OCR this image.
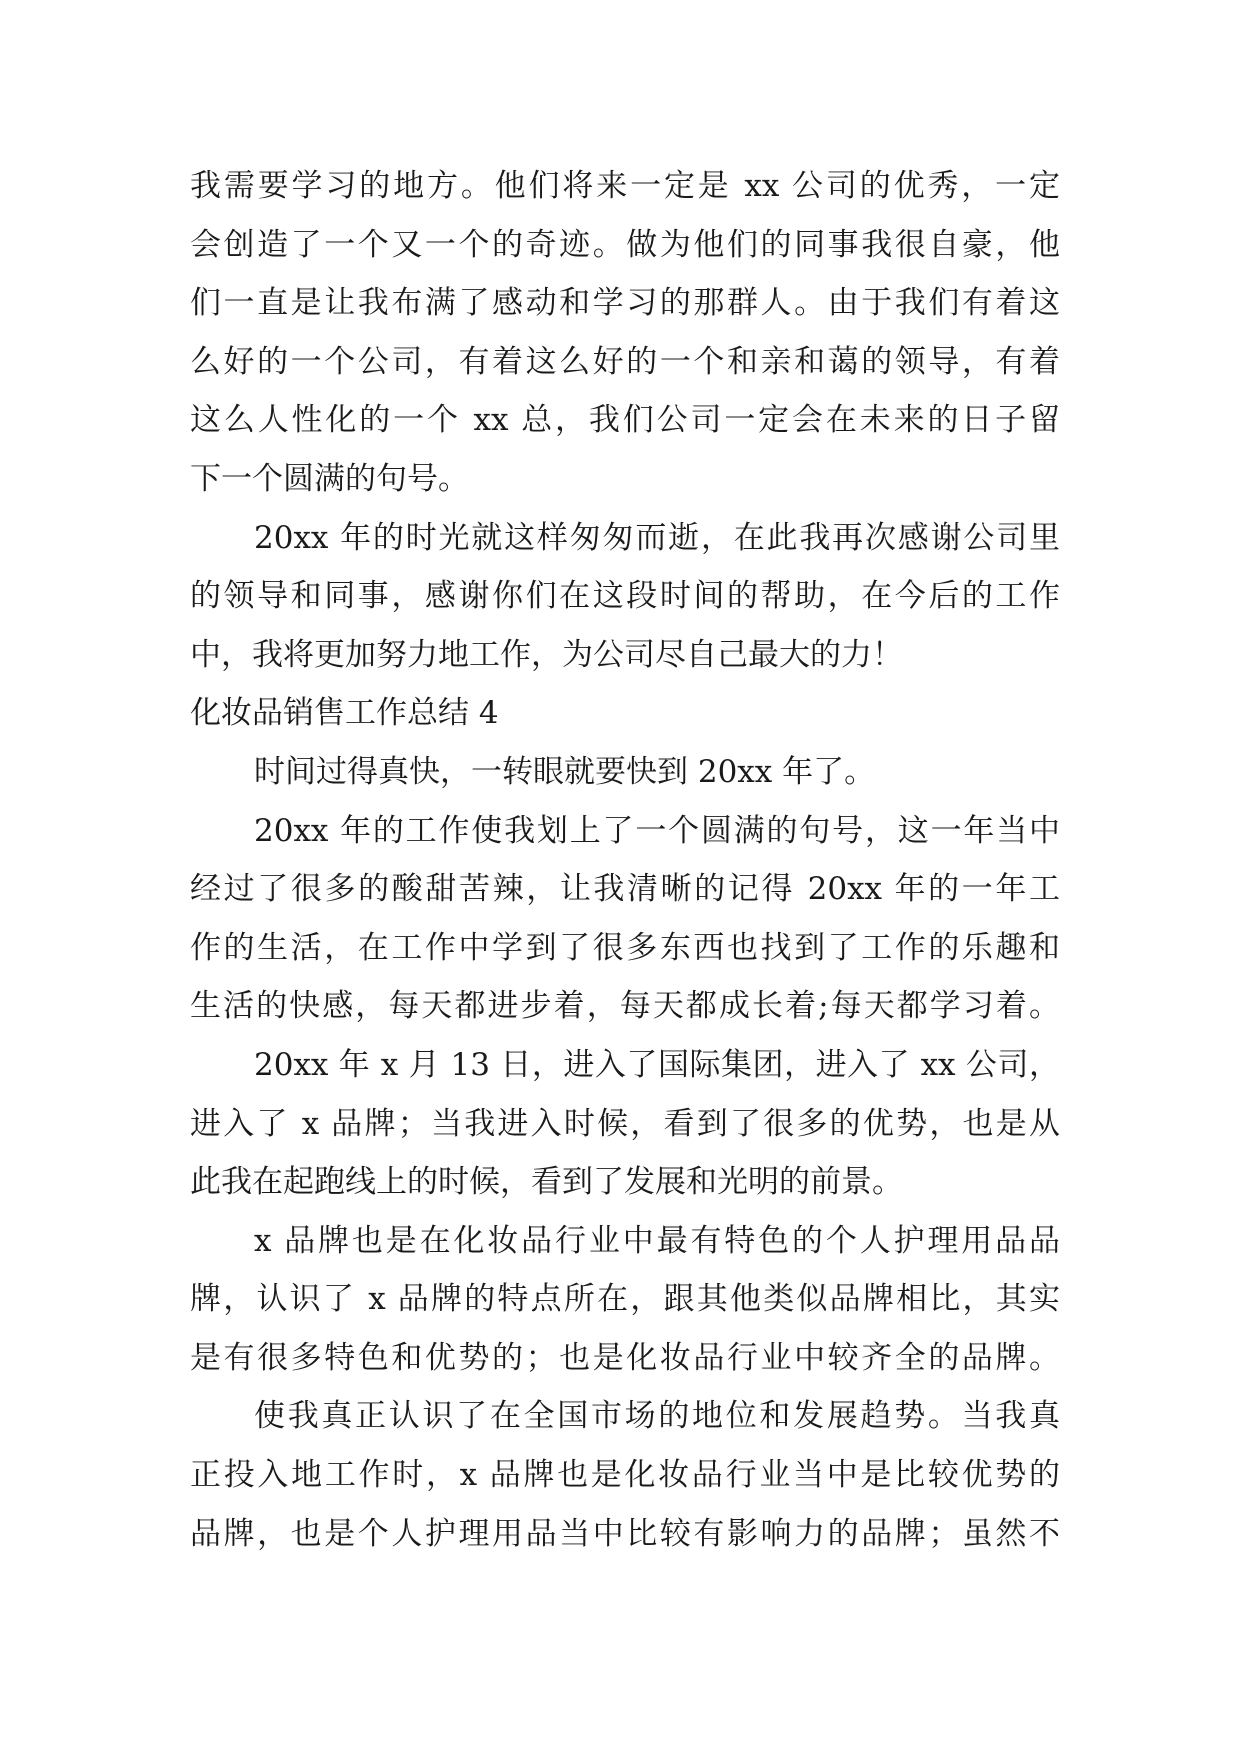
我需要学习的地方。他们将来一定是 xx 公司的优秀，一定
会创造了一个又一个的奇迹。做为他们的同事我很自豪，他
们一直是让我布满了感动和学习的那群人。由于我们有着这
么好的一个公司，有着这么好的一个和亲和蔼的领导，有着
这么人性化的一个 xx 总，我们公司一定会在未来的日子留
下一个圆满的句号。
20xx 年的时光就这样匆匆而逝，在此我再次感谢公司里
的领导和同事，感谢你们在这段时间的帮助，在今后的工作
中，我将更加努力地工作，为公司尽自己最大的力！
化妆品销售工作总结 4
时间过得真快，一转眼就要快到 20xx 年了。
20xx 年的工作使我划上了一个圆满的句号，这一年当中
经过了很多的酸甜苦辣，让我清晰的记得 20xx 年的一年工
作的生活，在工作中学到了很多东西也找到了工作的乐趣和
生活的快感，每天都进步着，每天都成长着;每天都学习着。
20xx 年 x 月 13 日，进入了国际集团，进入了 xx 公司，
进入了 x 品牌；当我进入时候，看到了很多的优势，也是从
此我在起跑线上的时候，看到了发展和光明的前景。
x 品牌也是在化妆品行业中最有特色的个人护理用品品
牌，认识了 x 品牌的特点所在，跟其他类似品牌相比，其实
是有很多特色和优势的；也是化妆品行业中较齐全的品牌。
使我真正认识了在全国市场的地位和发展趋势。当我真
正投入地工作时，x 品牌也是化妆品行业当中是比较优势的
品牌，也是个人护理用品当中比较有影响力的品牌；虽然不
